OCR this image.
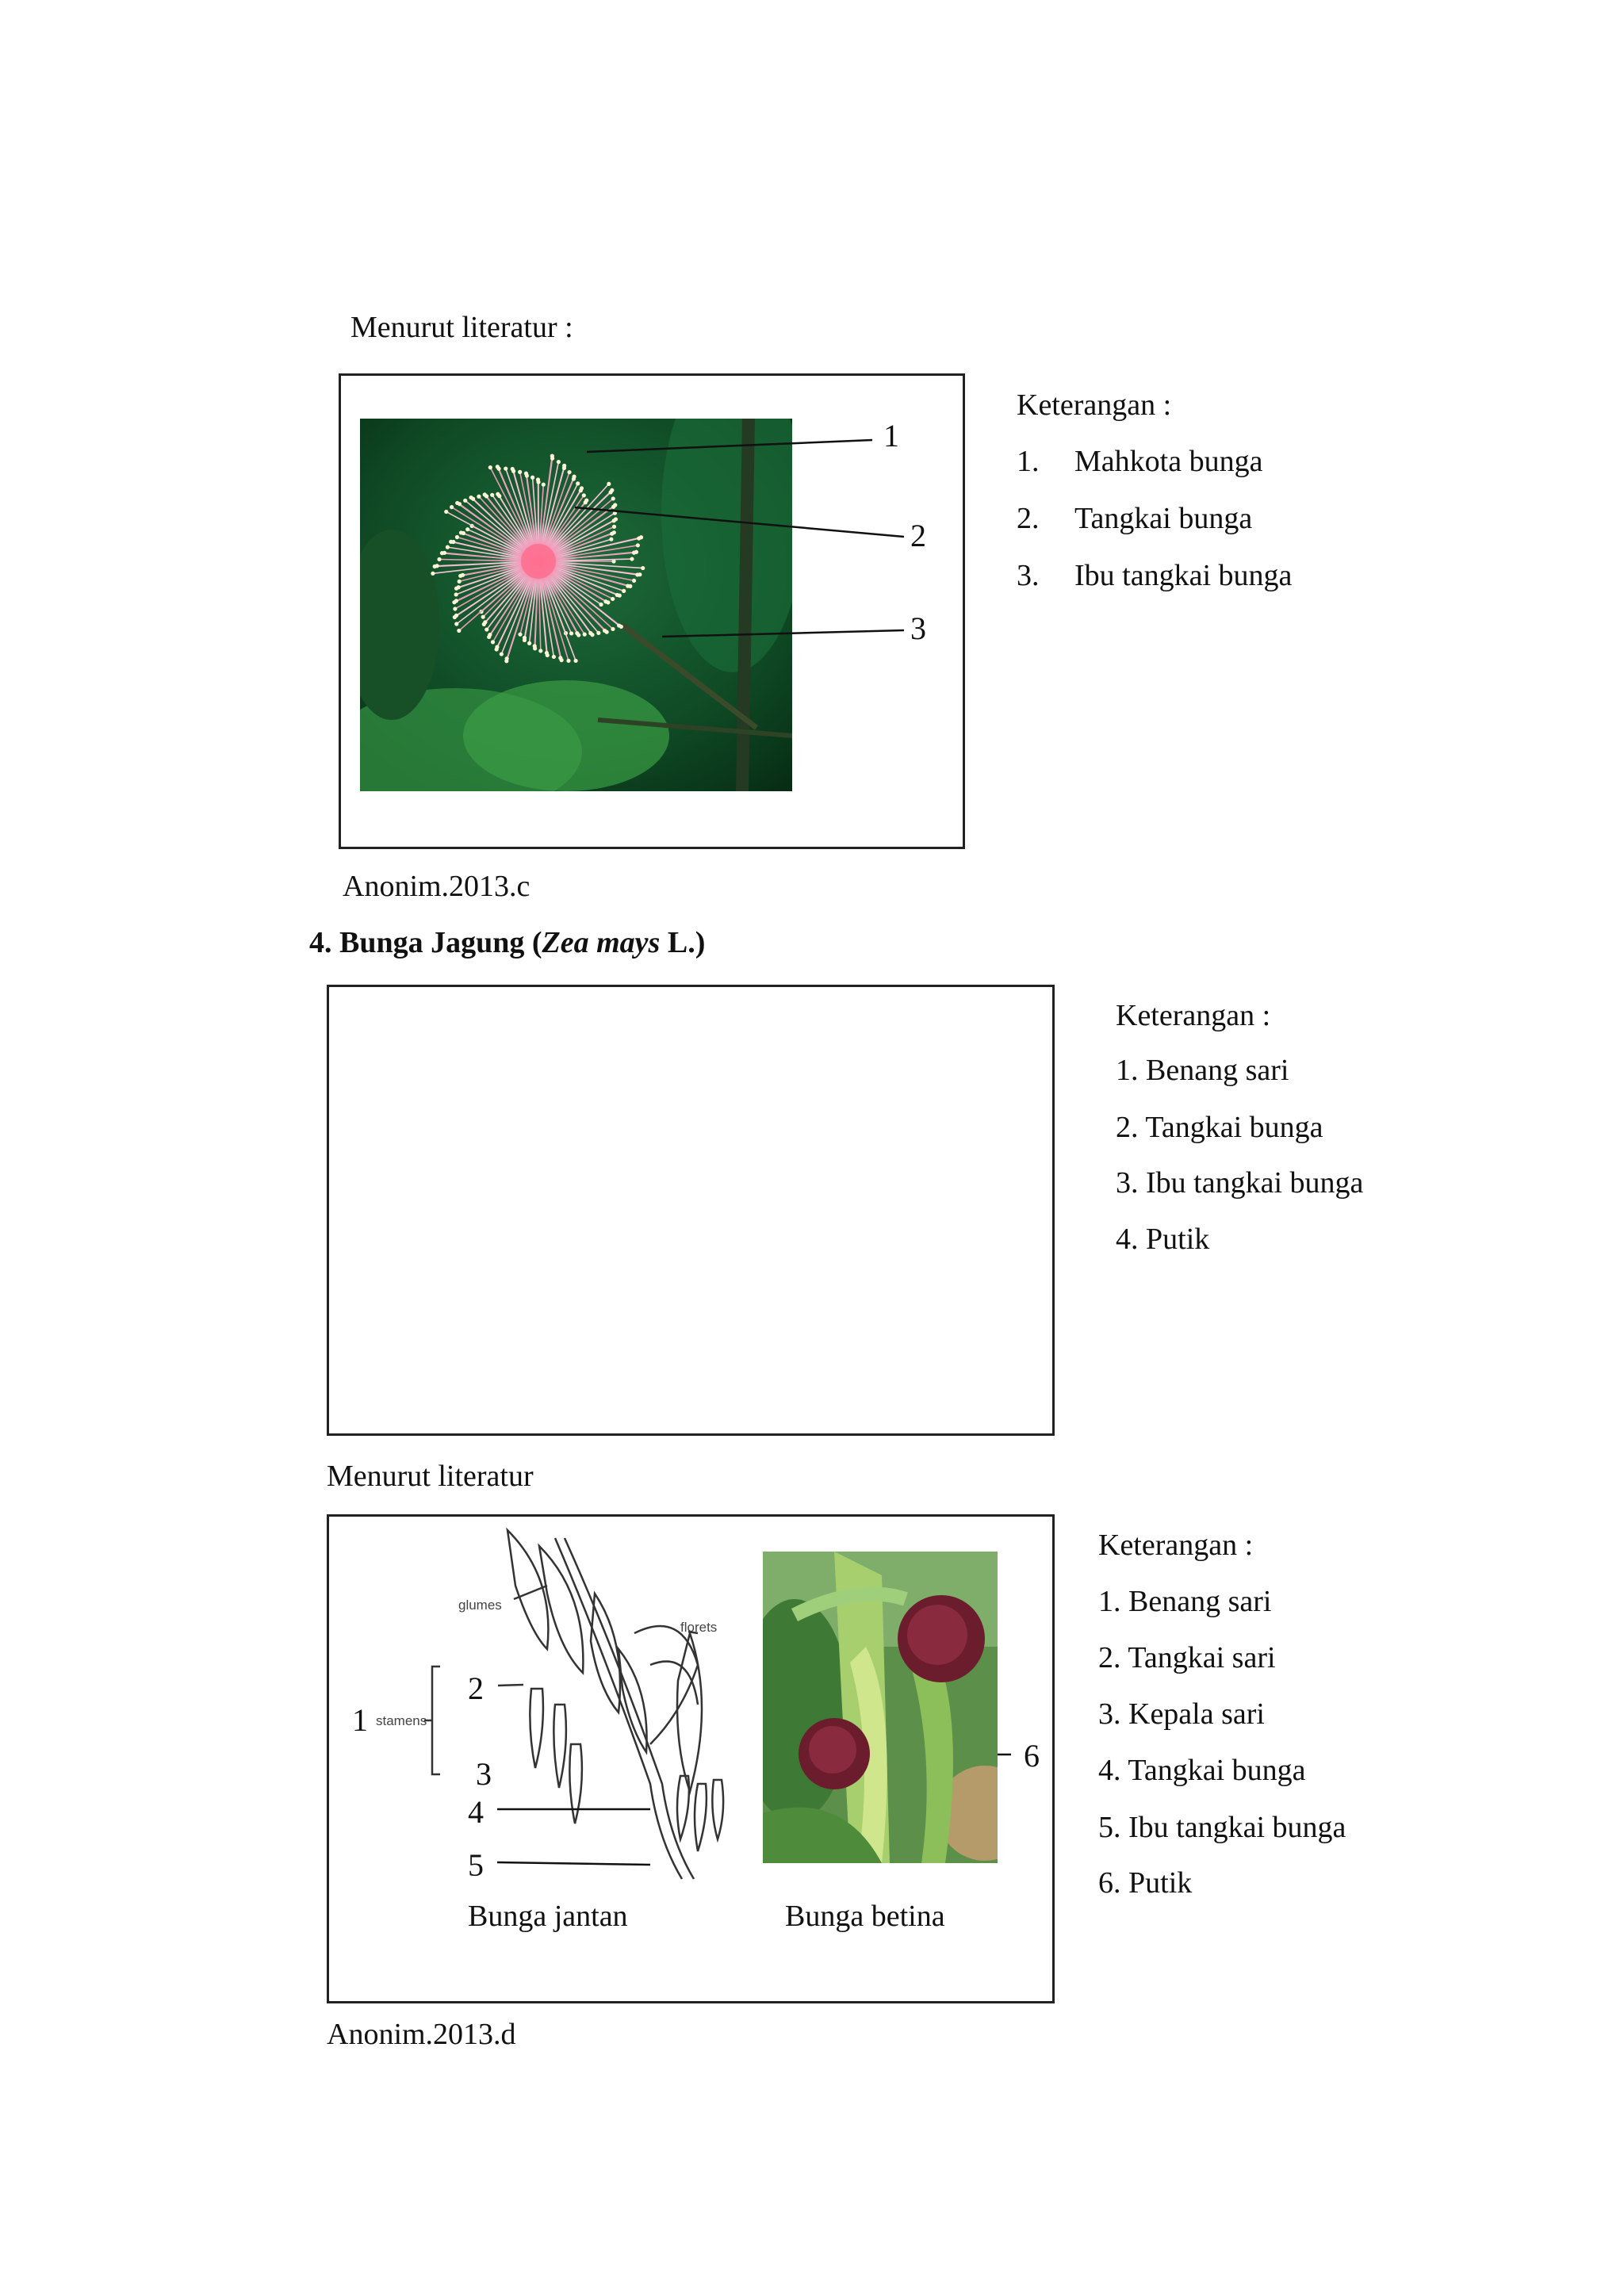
Menurut literatur :
1
2
3
Keterangan :
1. Mahkota bunga
2. Tangkai bunga
3. Ibu tangkai bunga
Anonim.2013.c
4. Bunga Jagung (Zea mays L.)
Keterangan :
1. Benang sari
2. Tangkai bunga
3. Ibu tangkai bunga
4. Putik
Menurut literatur
glumes
florets
stamens
1
2
3
4
5
6
Bunga jantan	Bunga betina
Keterangan :
1. Benang sari
2. Tangkai sari
3. Kepala sari
4. Tangkai bunga
5. Ibu tangkai bunga
6. Putik
Anonim.2013.d
